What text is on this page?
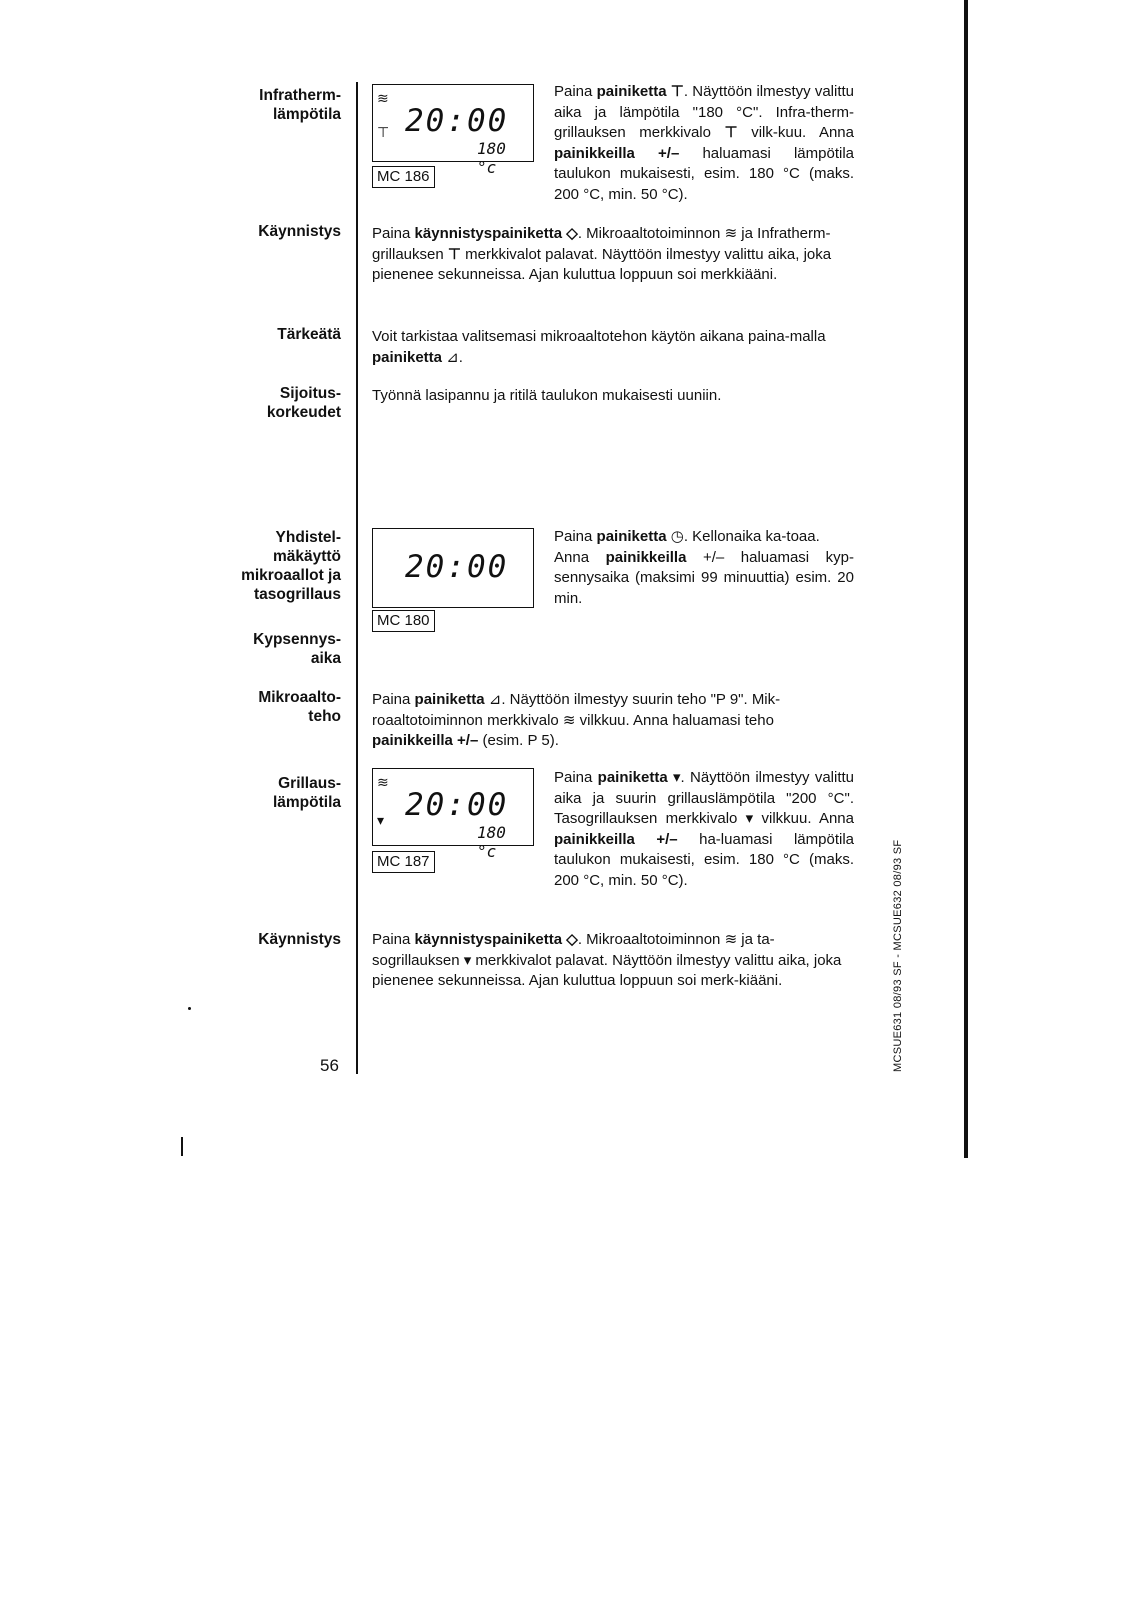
Infratherm-
lämpötila
Käynnistys
Tärkeätä
Sijoitus-
korkeudet
Yhdistel-
mäkäyttö
mikroaallot ja
tasogrillaus
Kypsennys-
aika
Mikroaalto-
teho
Grillaus-
lämpötila
Käynnistys
≋
⊤ 20:00
180 °c
MC 186
Paina painiketta ⊤. Näyttöön ilmestyy valittu aika ja lämpötila "180 °C". Infra-therm-grillauksen merkkivalo ⊤ vilk-kuu. Anna painikkeilla +/– haluamasi lämpötila taulukon mukaisesti, esim. 180 °C (maks. 200 °C, min. 50 °C).
Paina käynnistyspainiketta ◇. Mikroaaltotoiminnon ≋ ja Infratherm-grillauksen ⊤ merkkivalot palavat. Näyttöön ilmestyy valittu aika, joka pienenee sekunneissa. Ajan kuluttua loppuun soi merkkiääni.
Voit tarkistaa valitsemasi mikroaaltotehon käytön aikana paina-malla painiketta ⊿.
Työnnä lasipannu ja ritilä taulukon mukaisesti uuniin.
20:00
MC 180
Paina painiketta ◷. Kellonaika ka-toaa.
Anna painikkeilla +/– haluamasi kyp-sennysaika (maksimi 99 minuuttia) esim. 20 min.
Paina painiketta ⊿. Näyttöön ilmestyy suurin teho "P 9". Mik-roaaltotoiminnon merkkivalo ≋ vilkkuu. Anna haluamasi teho painikkeilla +/– (esim. P 5).
≋
▾ 20:00
180 °c
MC 187
Paina painiketta ▾. Näyttöön ilmestyy valittu aika ja suurin grillauslämpötila "200 °C". Tasogrillauksen merkkivalo ▾ vilkkuu. Anna painikkeilla +/– ha-luamasi lämpötila taulukon mukaisesti, esim. 180 °C (maks. 200 °C, min. 50 °C).
Paina käynnistyspainiketta ◇. Mikroaaltotoiminnon ≋ ja ta-sogrillauksen ▾ merkkivalot palavat. Näyttöön ilmestyy valittu aika, joka pienenee sekunneissa. Ajan kuluttua loppuun soi merk-kiääni.
56	MCSUE631 08/93 SF - MCSUE632 08/93 SF
